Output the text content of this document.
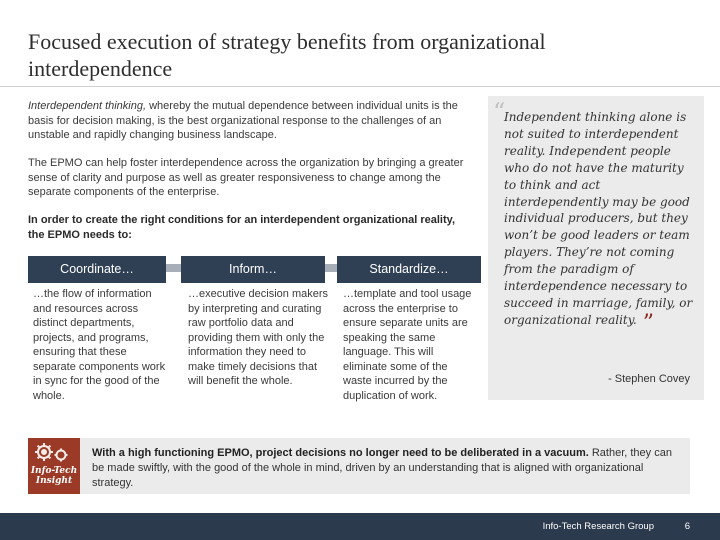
Focused execution of strategy benefits from organizational interdependence
Interdependent thinking, whereby the mutual dependence between individual units is the basis for decision making, is the best organizational response to the challenges of an unstable and rapidly changing business landscape.
The EPMO can help foster interdependence across the organization by bringing a greater sense of clarity and purpose as well as greater responsiveness to change among the separate components of the enterprise.
In order to create the right conditions for an interdependent organizational reality, the EPMO needs to:
Coordinate…	Inform…	Standardize…
…the flow of information and resources across distinct departments, projects, and programs, ensuring that these separate components work in sync for the good of the whole.
…executive decision makers by interpreting and curating raw portfolio data and providing them with only the information they need to make timely decisions that will benefit the whole.
…template and tool usage across the enterprise to ensure separate units are speaking the same language. This will eliminate some of the waste incurred by the duplication of work.
“
Independent thinking alone is not suited to interdependent reality. Independent people who do not have the maturity to think and act interdependently may be good individual producers, but they won’t be good leaders or team players. They’re not coming from the paradigm of interdependence necessary to succeed in marriage, family, or organizational reality. ”
- Stephen Covey
Info-Tech
Insight
With a high functioning EPMO, project decisions no longer need to be deliberated in a vacuum. Rather, they can be made swiftly, with the good of the whole in mind, driven by an understanding that is aligned with organizational strategy.
Info-Tech Research Group	6
